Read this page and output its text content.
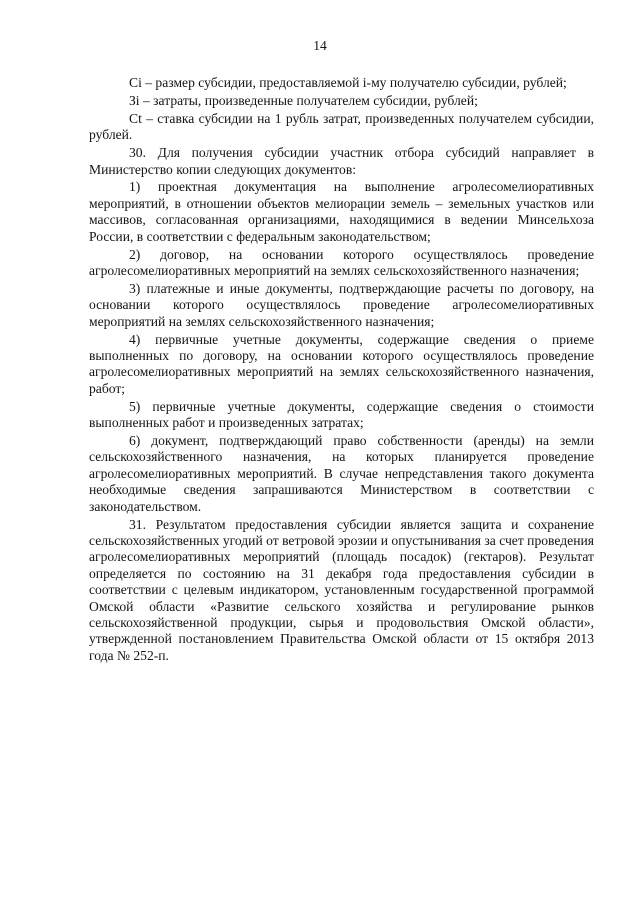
14

Ci – размер субсидии, предоставляемой i-му получателю субсидии, рублей;

Зi – затраты, произведенные получателем субсидии, рублей;

Ct – ставка субсидии на 1 рубль затрат, произведенных получателем субсидии, рублей.

30. Для получения субсидии участник отбора субсидий направляет в Министерство копии следующих документов:

1) проектная документация на выполнение агролесомелиоративных мероприятий, в отношении объектов мелиорации земель – земельных участков или массивов, согласованная организациями, находящимися в ведении Минсельхоза России, в соответствии с федеральным законодательством;

2) договор, на основании которого осуществлялось проведение агролесомелиоративных мероприятий на землях сельскохозяйственного назначения;

3) платежные и иные документы, подтверждающие расчеты по договору, на основании которого осуществлялось проведение агролесомелиоративных мероприятий на землях сельскохозяйственного назначения;

4) первичные учетные документы, содержащие сведения о приеме выполненных по договору, на основании которого осуществлялось проведение агролесомелиоративных мероприятий на землях сельскохозяйственного назначения, работ;

5) первичные учетные документы, содержащие сведения о стоимости выполненных работ и произведенных затратах;

6) документ, подтверждающий право собственности (аренды) на земли сельскохозяйственного назначения, на которых планируется проведение агролесомелиоративных мероприятий. В случае непредставления такого документа необходимые сведения запрашиваются Министерством в соответствии с законодательством.

31. Результатом предоставления субсидии является защита и сохранение сельскохозяйственных угодий от ветровой эрозии и опустынивания за счет проведения агролесомелиоративных мероприятий (площадь посадок) (гектаров). Результат определяется по состоянию на 31 декабря года предоставления субсидии в соответствии с целевым индикатором, установленным государственной программой Омской области «Развитие сельского хозяйства и регулирование рынков сельскохозяйственной продукции, сырья и продовольствия Омской области», утвержденной постановлением Правительства Омской области от 15 октября 2013 года № 252-п.
